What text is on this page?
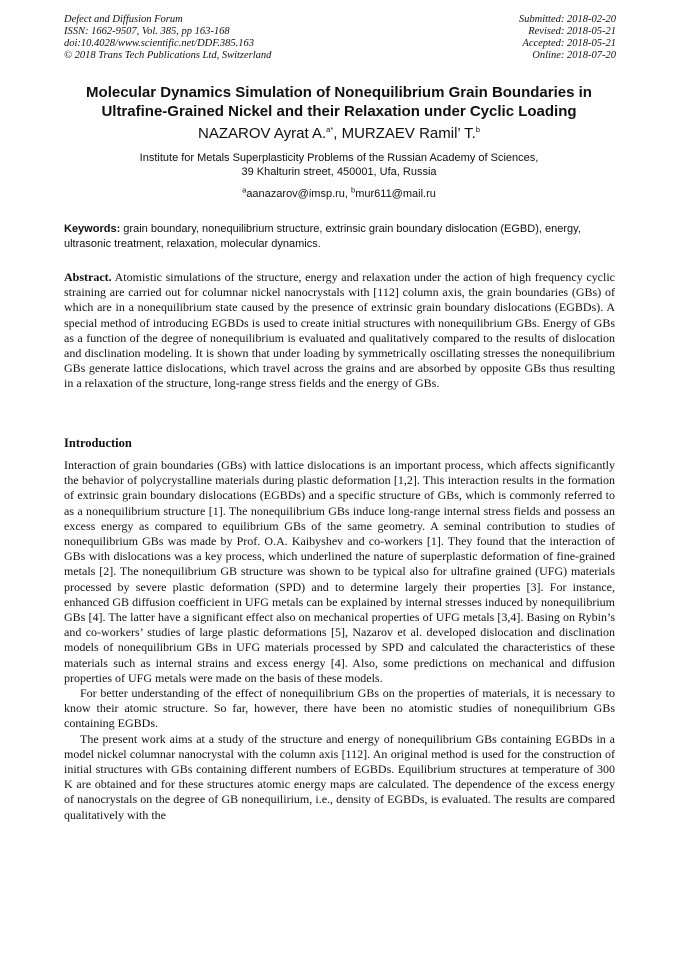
Defect and Diffusion Forum
ISSN: 1662-9507, Vol. 385, pp 163-168
doi:10.4028/www.scientific.net/DDF.385.163
© 2018 Trans Tech Publications Ltd, Switzerland
Submitted: 2018-02-20
Revised: 2018-05-21
Accepted: 2018-05-21
Online: 2018-07-20
Molecular Dynamics Simulation of Nonequilibrium Grain Boundaries in
Ultrafine-Grained Nickel and their Relaxation under Cyclic Loading
NAZAROV Ayrat A.$^{a*}$, MURZAEV Ramil’ T.$^b$
Institute for Metals Superplasticity Problems of the Russian Academy of Sciences,
39 Khalturin street, 450001, Ufa, Russia
$^a$aanazarov@imsp.ru, $^b$mur611@mail.ru
Keywords: grain boundary, nonequilibrium structure, extrinsic grain boundary dislocation (EGBD), energy, ultrasonic treatment, relaxation, molecular dynamics.
Abstract. Atomistic simulations of the structure, energy and relaxation under the action of high frequency cyclic straining are carried out for columnar nickel nanocrystals with [112] column axis, the grain boundaries (GBs) of which are in a nonequilibrium state caused by the presence of extrinsic grain boundary dislocations (EGBDs). A special method of introducing EGBDs is used to create initial structures with nonequilibrium GBs. Energy of GBs as a function of the degree of nonequilibrium is evaluated and qualitatively compared to the results of dislocation and disclination modeling. It is shown that under loading by symmetrically oscillating stresses the nonequilibrium GBs generate lattice dislocations, which travel across the grains and are absorbed by opposite GBs thus resulting in a relaxation of the structure, long-range stress fields and the energy of GBs.
Introduction

Interaction of grain boundaries (GBs) with lattice dislocations is an important process, which affects significantly the behavior of polycrystalline materials during plastic deformation [1,2]. This interaction results in the formation of extrinsic grain boundary dislocations (EGBDs) and a specific structure of GBs, which is commonly referred to as a nonequilibrium structure [1]. The nonequilibrium GBs induce long-range internal stress fields and possess an excess energy as compared to equilibrium GBs of the same geometry. A seminal contribution to studies of nonequilibrium GBs was made by Prof. O.A. Kaibyshev and co-workers [1]. They found that the interaction of GBs with dislocations was a key process, which underlined the nature of superplastic deformation of fine-grained metals [2]. The nonequilibrium GB structure was shown to be typical also for ultrafine grained (UFG) materials processed by severe plastic deformation (SPD) and to determine largely their properties [3]. For instance, enhanced GB diffusion coefficient in UFG metals can be explained by internal stresses induced by nonequilibrium GBs [4]. The latter have a significant effect also on mechanical properties of UFG metals [3,4]. Basing on Rybin’s and co-workers’ studies of large plastic deformations [5], Nazarov et al. developed dislocation and disclination models of nonequilibrium GBs in UFG materials processed by SPD and calculated the characteristics of these materials such as internal strains and excess energy [4]. Also, some predictions on mechanical and diffusion properties of UFG metals were made on the basis of these models.

For better understanding of the effect of nonequilibrium GBs on the properties of materials, it is necessary to know their atomic structure. So far, however, there have been no atomistic studies of nonequilibrium GBs containing EGBDs.

The present work aims at a study of the structure and energy of nonequilibrium GBs containing EGBDs in a model nickel columnar nanocrystal with the column axis [112]. An original method is used for the construction of initial structures with GBs containing different numbers of EGBDs. Equilibrium structures at temperature of 300 K are obtained and for these structures atomic energy maps are calculated. The dependence of the excess energy of nanocrystals on the degree of GB nonequilirium, i.e., density of EGBDs, is evaluated. The results are compared qualitatively with the
